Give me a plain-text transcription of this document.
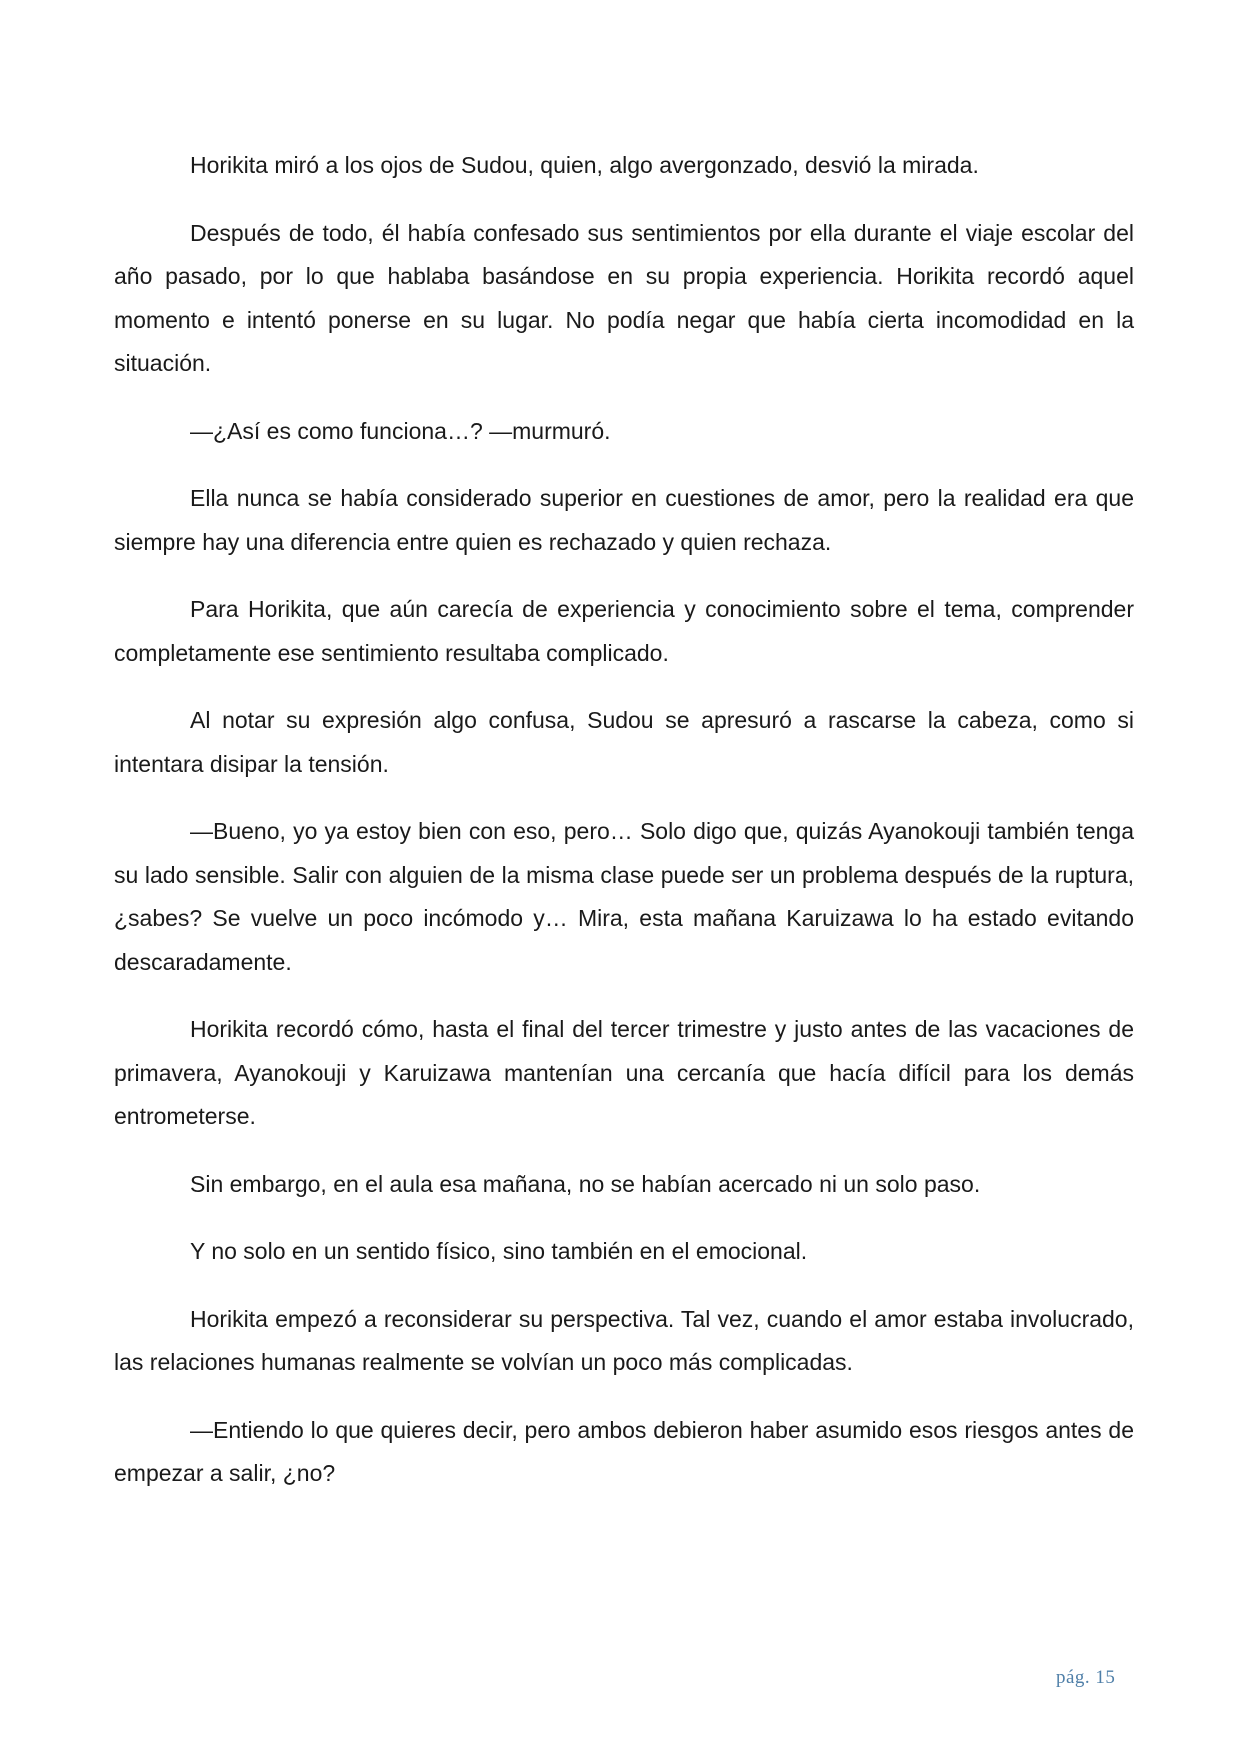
Horikita miró a los ojos de Sudou, quien, algo avergonzado, desvió la mirada.

Después de todo, él había confesado sus sentimientos por ella durante el viaje escolar del año pasado, por lo que hablaba basándose en su propia experiencia. Horikita recordó aquel momento e intentó ponerse en su lugar. No podía negar que había cierta incomodidad en la situación.

—¿Así es como funciona…? —murmuró.

Ella nunca se había considerado superior en cuestiones de amor, pero la realidad era que siempre hay una diferencia entre quien es rechazado y quien rechaza.

Para Horikita, que aún carecía de experiencia y conocimiento sobre el tema, comprender completamente ese sentimiento resultaba complicado.

Al notar su expresión algo confusa, Sudou se apresuró a rascarse la cabeza, como si intentara disipar la tensión.

—Bueno, yo ya estoy bien con eso, pero… Solo digo que, quizás Ayanokouji también tenga su lado sensible. Salir con alguien de la misma clase puede ser un problema después de la ruptura, ¿sabes? Se vuelve un poco incómodo y… Mira, esta mañana Karuizawa lo ha estado evitando descaradamente.

Horikita recordó cómo, hasta el final del tercer trimestre y justo antes de las vacaciones de primavera, Ayanokouji y Karuizawa mantenían una cercanía que hacía difícil para los demás entrometerse.

Sin embargo, en el aula esa mañana, no se habían acercado ni un solo paso.

Y no solo en un sentido físico, sino también en el emocional.

Horikita empezó a reconsiderar su perspectiva. Tal vez, cuando el amor estaba involucrado, las relaciones humanas realmente se volvían un poco más complicadas.

—Entiendo lo que quieres decir, pero ambos debieron haber asumido esos riesgos antes de empezar a salir, ¿no?

pág. 15
